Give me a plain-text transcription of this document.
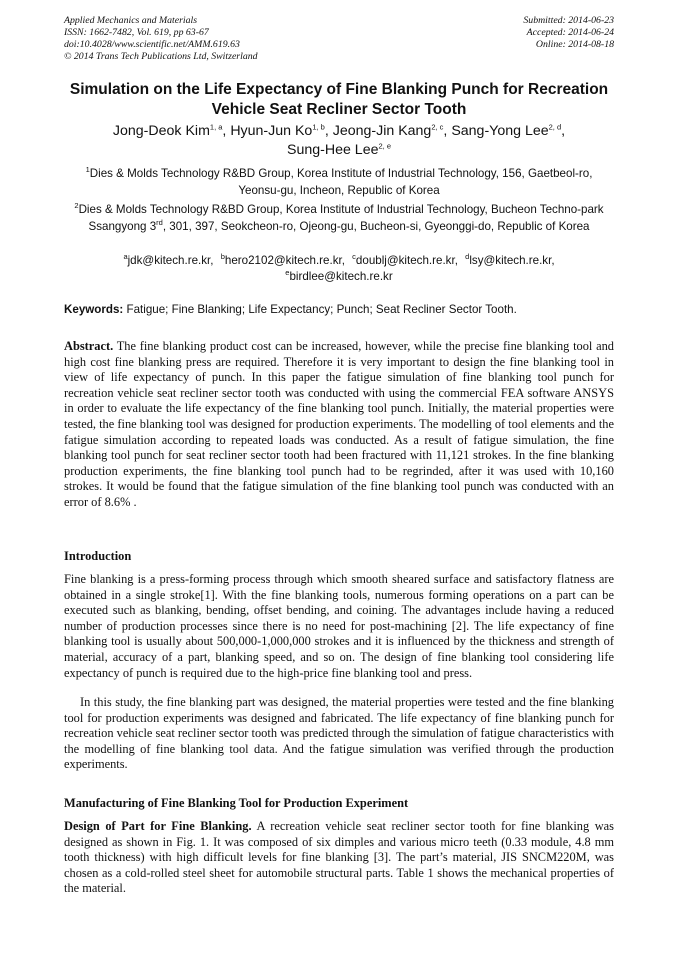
Applied Mechanics and Materials
ISSN: 1662-7482, Vol. 619, pp 63-67
doi:10.4028/www.scientific.net/AMM.619.63
© 2014 Trans Tech Publications Ltd, Switzerland
Submitted: 2014-06-23
Accepted: 2014-06-24
Online: 2014-08-18
Simulation on the Life Expectancy of Fine Blanking Punch for Recreation Vehicle Seat Recliner Sector Tooth
Jong-Deok Kim$^{1, a}$, Hyun-Jun Ko$^{1, b}$, Jeong-Jin Kang$^{2, c}$, Sang-Yong Lee$^{2, d}$,
Sung-Hee Lee$^{2, e}$
$^1$Dies & Molds Technology R&BD Group, Korea Institute of Industrial Technology, 156, Gaetbeol-ro, Yeonsu-gu, Incheon, Republic of Korea
$^2$Dies & Molds Technology R&BD Group, Korea Institute of Industrial Technology, Bucheon Techno-park Ssangyong 3rd, 301, 397, Seokcheon-ro, Ojeong-gu, Bucheon-si, Gyeonggi-do, Republic of Korea
$^a$jdk@kitech.re.kr, $^b$hero2102@kitech.re.kr, $^c$doublj@kitech.re.kr, $^d$lsy@kitech.re.kr,
$^e$birdlee@kitech.re.kr
Keywords: Fatigue; Fine Blanking; Life Expectancy; Punch; Seat Recliner Sector Tooth.

Abstract. The fine blanking product cost can be increased, however, while the precise fine blanking tool and high cost fine blanking press are required. Therefore it is very important to design the fine blanking tool in view of life expectancy of punch. In this paper the fatigue simulation of fine blanking tool punch for recreation vehicle seat recliner sector tooth was conducted with using the commercial FEA software ANSYS in order to evaluate the life expectancy of the fine blanking tool punch. Initially, the material properties were tested, the fine blanking tool was designed for production experiments. The modelling of tool elements and the fatigue simulation according to repeated loads was conducted. As a result of fatigue simulation, the fine blanking tool punch for seat recliner sector tooth had been fractured with 11,121 strokes. In the fine blanking production experiments, the fine blanking tool punch had to be regrinded, after it was used with 10,160 strokes. It would be found that the fatigue simulation of the fine blanking tool punch was conducted with an error of 8.6% .

Introduction

Fine blanking is a press-forming process through which smooth sheared surface and satisfactory flatness are obtained in a single stroke[1]. With the fine blanking tools, numerous forming operations on a part can be executed such as blanking, bending, offset bending, and coining. The advantages include having a reduced number of production processes since there is no need for post-machining [2]. The life expectancy of fine blanking tool is usually about 500,000-1,000,000 strokes and it is influenced by the thickness and strength of material, accuracy of a part, blanking speed, and so on. The design of fine blanking tool considering life expectancy of punch is required due to the high-price fine blanking tool and press.

In this study, the fine blanking part was designed, the material properties were tested and the fine blanking tool for production experiments was designed and fabricated. The life expectancy of fine blanking punch for recreation vehicle seat recliner sector tooth was predicted through the simulation of fatigue characteristics with the modelling of fine blanking tool data. And the fatigue simulation was verified through the production experiments.

Manufacturing of Fine Blanking Tool for Production Experiment

Design of Part for Fine Blanking. A recreation vehicle seat recliner sector tooth for fine blanking was designed as shown in Fig. 1. It was composed of six dimples and various micro teeth (0.33 module, 4.8 mm tooth thickness) with high difficult levels for fine blanking [3]. The part’s material, JIS SNCM220M, was chosen as a cold-rolled steel sheet for automobile structural parts. Table 1 shows the mechanical properties of the material.
